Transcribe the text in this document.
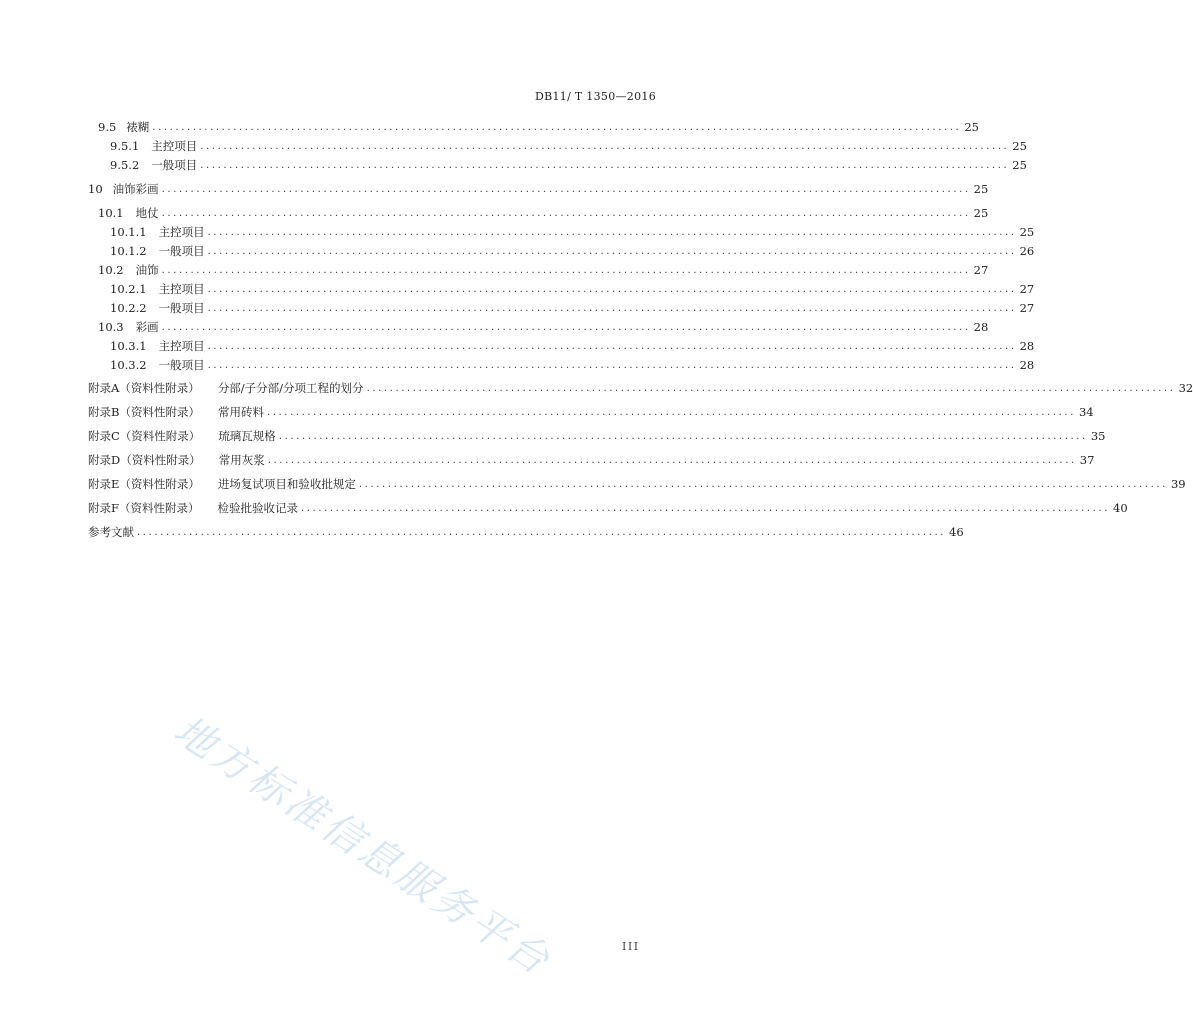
DB11/ T 1350—2016
9.5 裱糊 ............................................................................................................................................ 25
9.5.1 主控项目 ............................................................................................................................................ 25
9.5.2 一般项目 ............................................................................................................................................ 25
10 油饰彩画 ............................................................................................................................................ 25
10.1 地仗 ............................................................................................................................................ 25
10.1.1 主控项目 ............................................................................................................................................ 25
10.1.2 一般项目 ............................................................................................................................................ 26
10.2 油饰 ............................................................................................................................................ 27
10.2.1 主控项目 ............................................................................................................................................ 27
10.2.2 一般项目 ............................................................................................................................................ 27
10.3 彩画 ............................................................................................................................................ 28
10.3.1 主控项目 ............................................................................................................................................ 28
10.3.2 一般项目 ............................................................................................................................................ 28
附录A（资料性附录） 分部/子分部/分项工程的划分 ............................................................................................................................................ 32
附录B（资料性附录） 常用砖料 ............................................................................................................................................ 34
附录C（资料性附录） 琉璃瓦规格 ............................................................................................................................................ 35
附录D（资料性附录） 常用灰浆 ............................................................................................................................................ 37
附录E（资料性附录） 进场复试项目和验收批规定 ............................................................................................................................................ 39
附录F（资料性附录） 检验批验收记录 ............................................................................................................................................ 40
参考文献 ............................................................................................................................................ 46
地方标准信息服务平台	III
